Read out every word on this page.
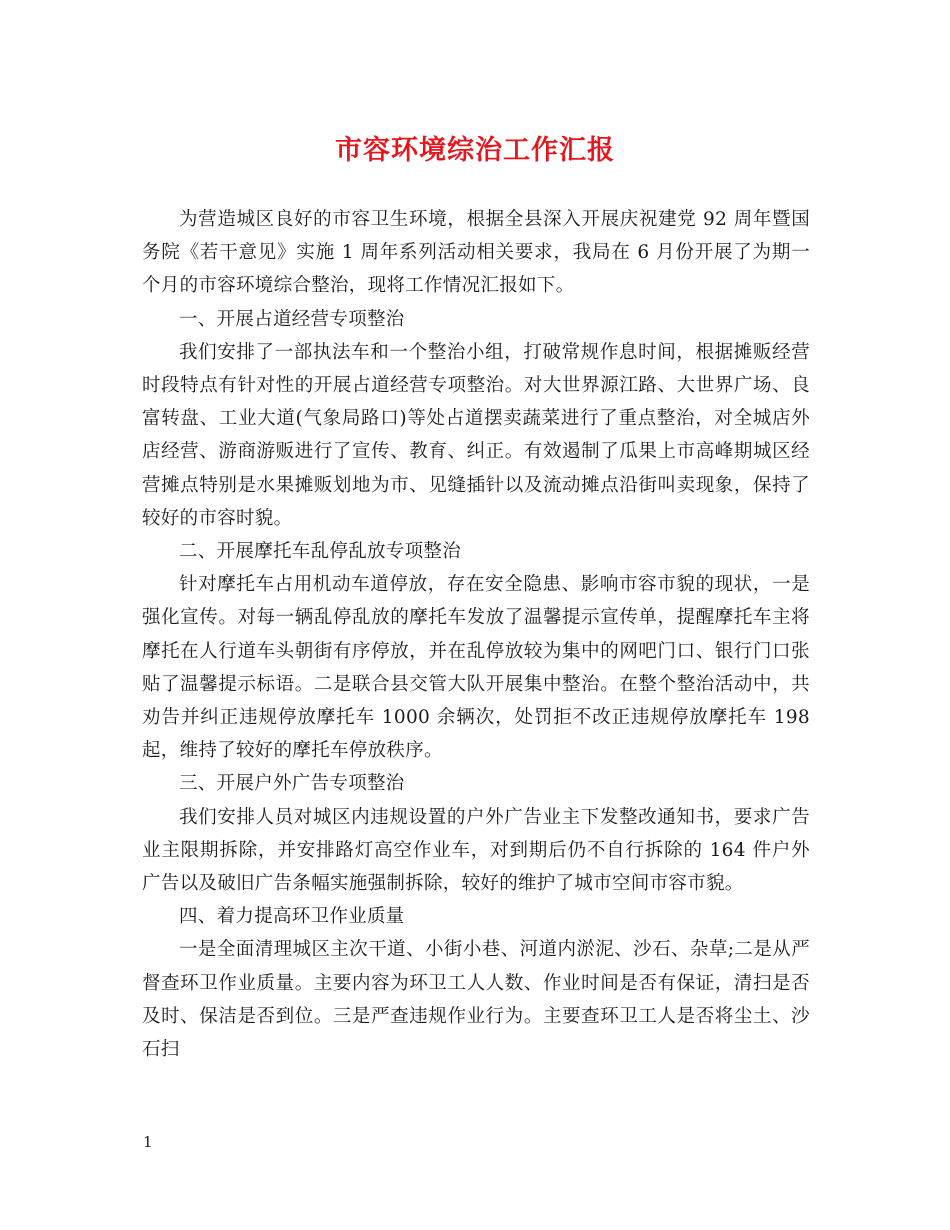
市容环境综治工作汇报

为营造城区良好的市容卫生环境，根据全县深入开展庆祝建党 92 周年暨国务院《若干意见》实施 1 周年系列活动相关要求，我局在 6 月份开展了为期一个月的市容环境综合整治，现将工作情况汇报如下。

一、开展占道经营专项整治

我们安排了一部执法车和一个整治小组，打破常规作息时间，根据摊贩经营时段特点有针对性的开展占道经营专项整治。对大世界源江路、大世界广场、良富转盘、工业大道(气象局路口)等处占道摆卖蔬菜进行了重点整治，对全城店外店经营、游商游贩进行了宣传、教育、纠正。有效遏制了瓜果上市高峰期城区经营摊点特别是水果摊贩划地为市、见缝插针以及流动摊点沿街叫卖现象，保持了较好的市容时貌。

二、开展摩托车乱停乱放专项整治

针对摩托车占用机动车道停放，存在安全隐患、影响市容市貌的现状，一是强化宣传。对每一辆乱停乱放的摩托车发放了温馨提示宣传单，提醒摩托车主将摩托在人行道车头朝街有序停放，并在乱停放较为集中的网吧门口、银行门口张贴了温馨提示标语。二是联合县交管大队开展集中整治。在整个整治活动中，共劝告并纠正违规停放摩托车 1000 余辆次，处罚拒不改正违规停放摩托车 198 起，维持了较好的摩托车停放秩序。

三、开展户外广告专项整治

我们安排人员对城区内违规设置的户外广告业主下发整改通知书，要求广告业主限期拆除，并安排路灯高空作业车，对到期后仍不自行拆除的 164 件户外广告以及破旧广告条幅实施强制拆除，较好的维护了城市空间市容市貌。

四、着力提高环卫作业质量

一是全面清理城区主次干道、小街小巷、河道内淤泥、沙石、杂草;二是从严督查环卫作业质量。主要内容为环卫工人人数、作业时间是否有保证，清扫是否及时、保洁是否到位。三是严查违规作业行为。主要查环卫工人是否将尘土、沙石扫

1
